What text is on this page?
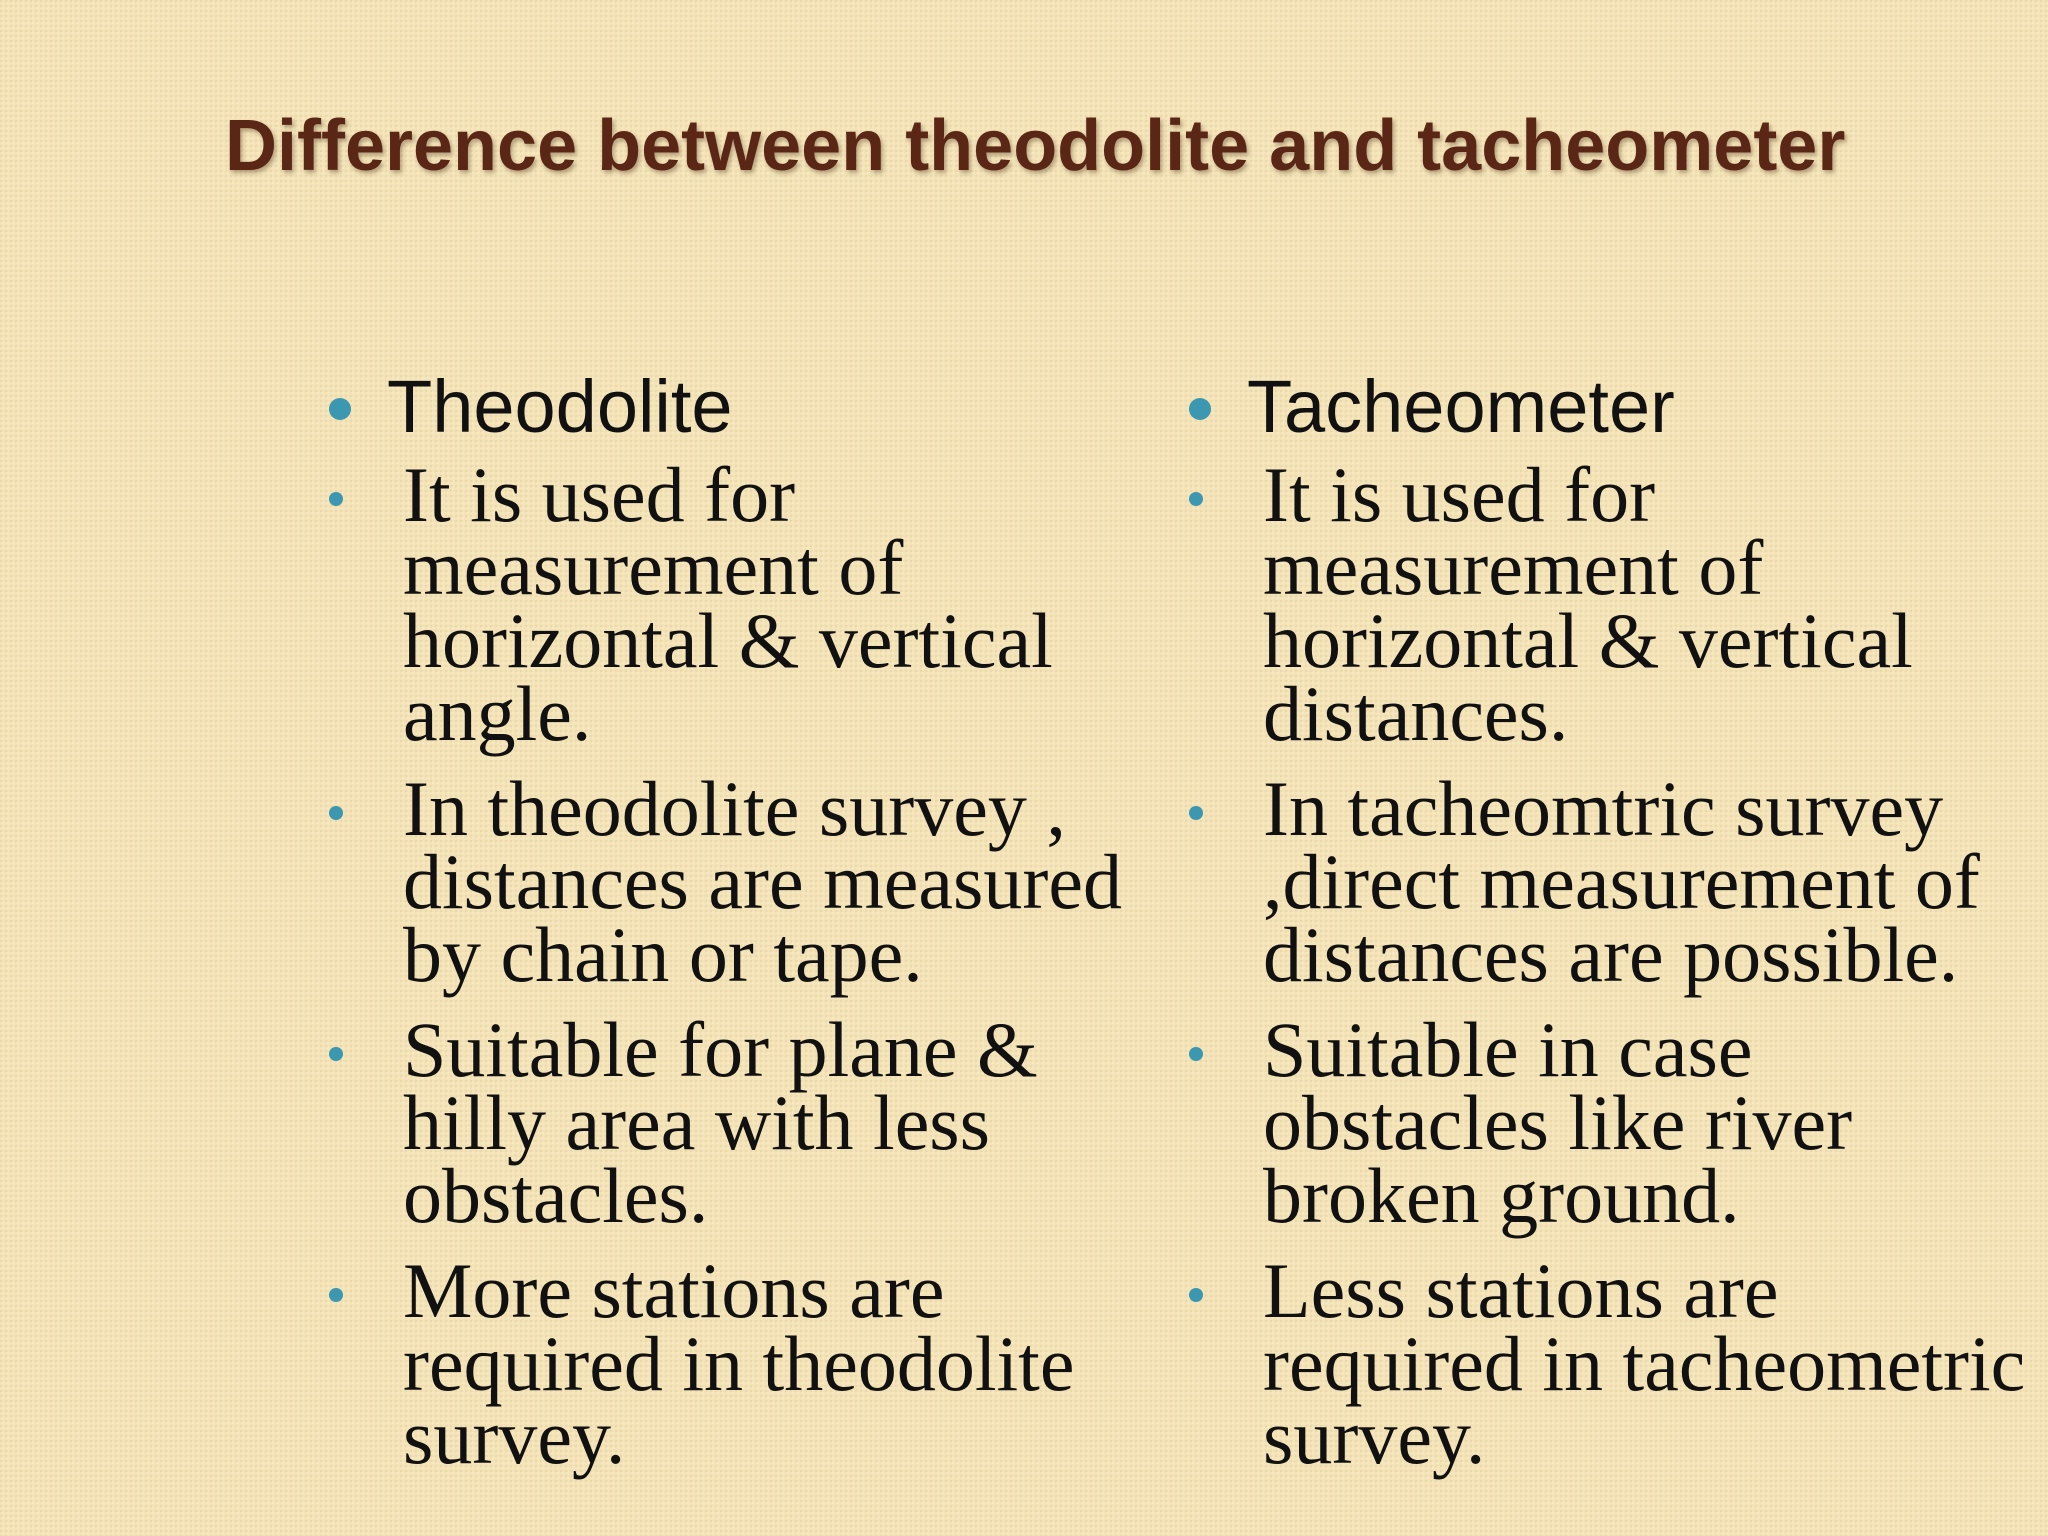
Difference between theodolite and tacheometer
Theodolite
It is used for measurement of horizontal & vertical angle.
In theodolite survey , distances are measured by chain or tape.
Suitable for plane & hilly area with less obstacles.
More stations are required in theodolite survey.
Tacheometer
It is used for measurement of horizontal & vertical distances.
In tacheomtric survey ,direct measurement of distances are possible.
Suitable in case obstacles like river broken ground.
Less stations are required in tacheometric survey.
